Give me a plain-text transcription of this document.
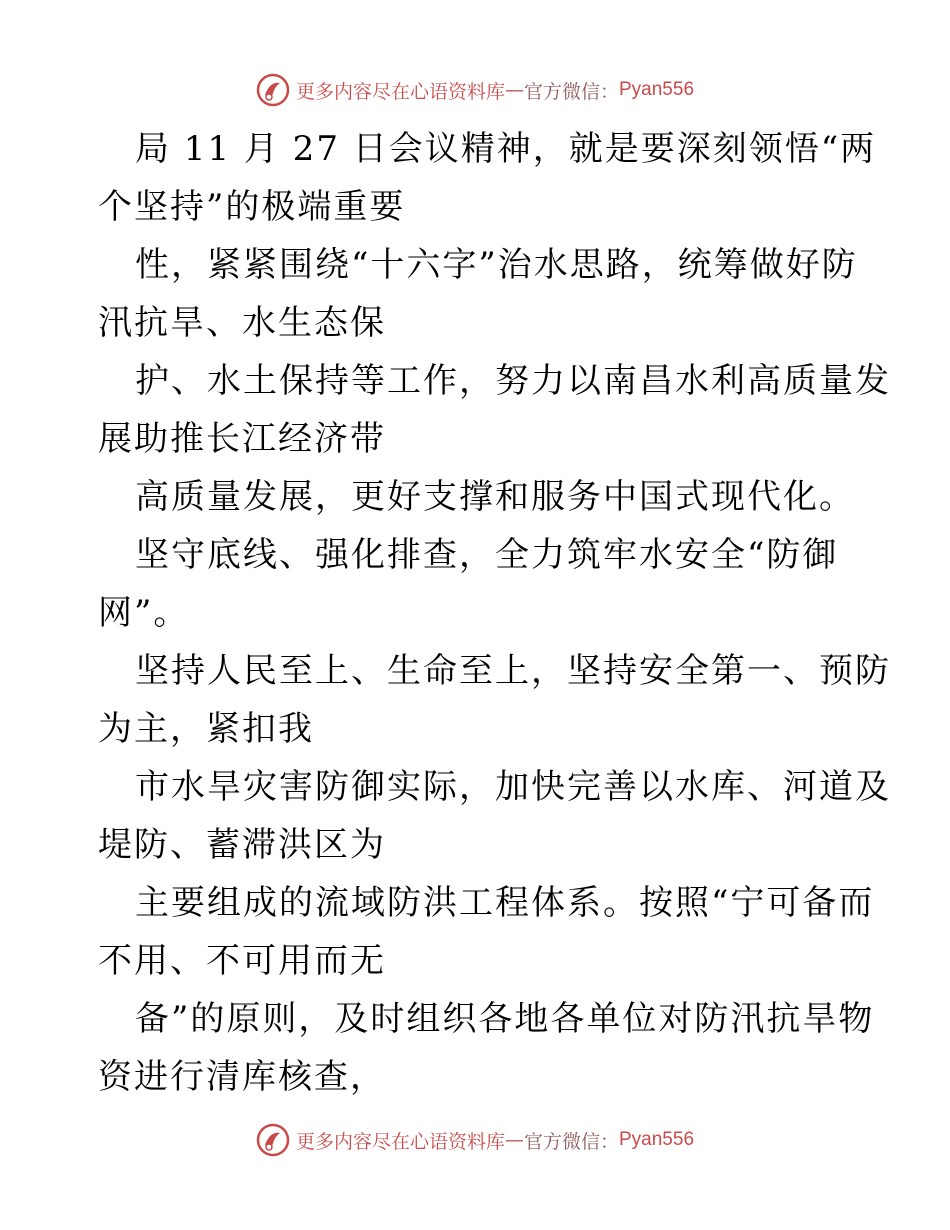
更多内容尽在心语资料库 — 官方微信： Pyan556
局 11 月 27 日会议精神，就是要深刻领悟“两
个坚持”的极端重要
性，紧紧围绕“十六字”治水思路，统筹做好防
汛抗旱、水生态保
护、水土保持等工作，努力以南昌水利高质量发
展助推长江经济带
高质量发展，更好支撑和服务中国式现代化。
坚守底线、强化排查，全力筑牢水安全“防御
网”。
坚持人民至上、生命至上，坚持安全第一、预防
为主，紧扣我
市水旱灾害防御实际，加快完善以水库、河道及
堤防、蓄滞洪区为
主要组成的流域防洪工程体系。按照“宁可备而
不用、不可用而无
备”的原则，及时组织各地各单位对防汛抗旱物
资进行清库核查，
更多内容尽在心语资料库 — 官方微信： Pyan556
